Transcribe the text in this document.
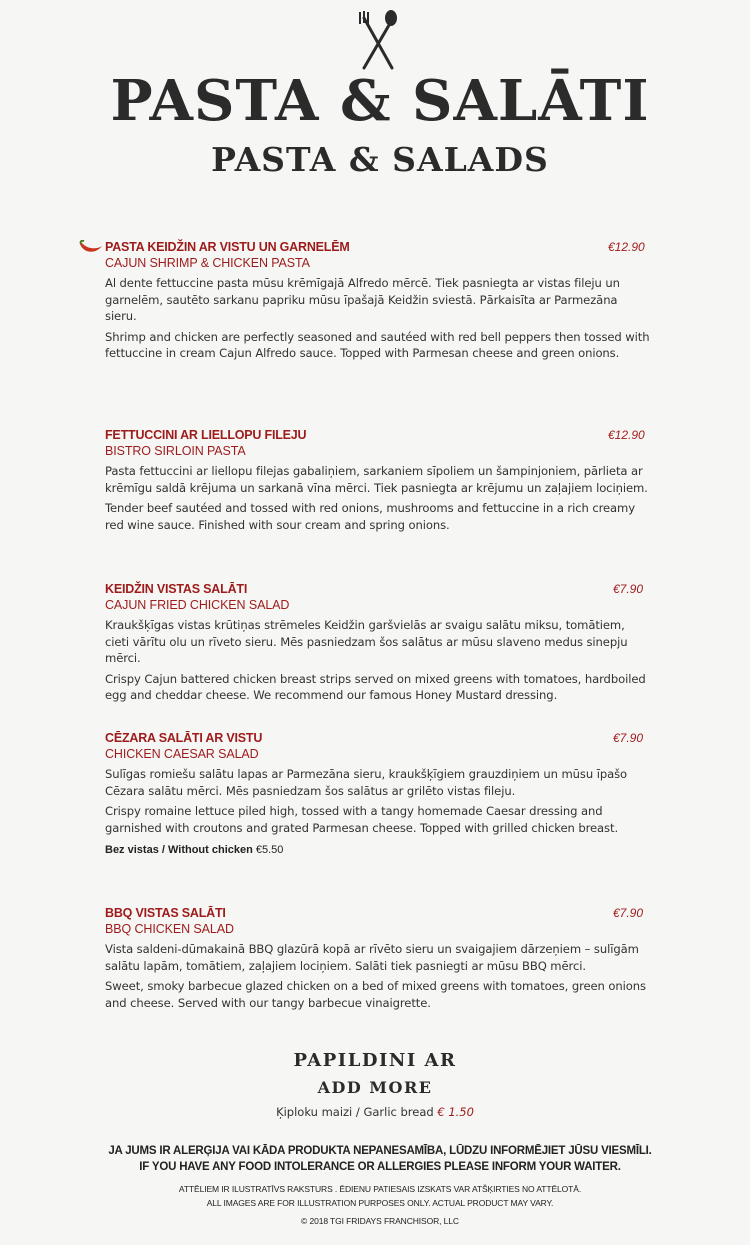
PASTA & SALĀTI
PASTA & SALADS
PASTA KEIDŽIN AR VISTU UN GARNELĒM
CAJUN SHRIMP & CHICKEN PASTA
€12.90
Al dente fettuccine pasta mūsu krēmīgajā Alfredo mērcē. Tiek pasniegta ar vistas fileju un garnelēm, sautēto sarkanu papriku mūsu īpašajā Keidžin sviestā. Pārkaisīta ar Parmezāna sieru.
Shrimp and chicken are perfectly seasoned and sautéed with red bell peppers then tossed with fettuccine in cream Cajun Alfredo sauce. Topped with Parmesan cheese and green onions.
FETTUCCINI AR LIELLOPU FILEJU
BISTRO SIRLOIN PASTA
€12.90
Pasta fettuccini ar liellopu filejas gabaliņiem, sarkaniem sīpoliem un šampinjoniem, pārlieta ar krēmīgu saldā krējuma un sarkanā vīna mērci. Tiek pasniegta ar krējumu un zaļajiem lociņiem.
Tender beef sautéed and tossed with red onions, mushrooms and fettuccine in a rich creamy red wine sauce. Finished with sour cream and spring onions.
KEIDŽIN VISTAS SALĀTI
CAJUN FRIED CHICKEN SALAD
€7.90
Kraukšķīgas vistas krūtiņas strēmeles Keidžin garšvielās ar svaigu salātu miksu, tomātiem, cieti vārītu olu un rīveto sieru. Mēs pasniedzam šos salātus ar mūsu slaveno medus sinepju mērci.
Crispy Cajun battered chicken breast strips served on mixed greens with tomatoes, hardboiled egg and cheddar cheese. We recommend our famous Honey Mustard dressing.
CĒZARA SALĀTI AR VISTU
CHICKEN CAESAR SALAD
€7.90
Sulīgas romiešu salātu lapas ar Parmezāna sieru, kraukšķīgiem grauzdiņiem un mūsu īpašo Cēzara salātu mērci. Mēs pasniedzam šos salātus ar grilēto vistas fileju.
Crispy romaine lettuce piled high, tossed with a tangy homemade Caesar dressing and garnished with croutons and grated Parmesan cheese. Topped with grilled chicken breast.
Bez vistas / Without chicken €5.50
BBQ VISTAS SALĀTI
BBQ CHICKEN SALAD
€7.90
Vista saldeni-dūmakainā BBQ glazūrā kopā ar rīvēto sieru un svaigajiem dārzeņiem – sulīgām salātu lapām, tomātiem, zaļajiem lociņiem. Salāti tiek pasniegti ar mūsu BBQ mērci.
Sweet, smoky barbecue glazed chicken on a bed of mixed greens with tomatoes, green onions and cheese. Served with our tangy barbecue vinaigrette.
PAPILDINI AR
ADD MORE
Ķiploku maizi / Garlic bread € 1.50
JA JUMS IR ALERĢIJA VAI KĀDA PRODUKTA NEPANESAMĪBA, LŪDZU INFORMĒJIET JŪSU VIESMĪLI.
IF YOU HAVE ANY FOOD INTOLERANCE OR ALLERGIES PLEASE INFORM YOUR WAITER.
ATTĒLIEM IR ILUSTRATĪVS RAKSTURS . ĒDIENU PATIESAIS IZSKATS VAR ATŠĶIRTIES NO ATTĒLOTĀ.
ALL IMAGES ARE FOR ILLUSTRATION PURPOSES ONLY. ACTUAL PRODUCT MAY VARY.
© 2018 TGI FRIDAYS FRANCHISOR, LLC
